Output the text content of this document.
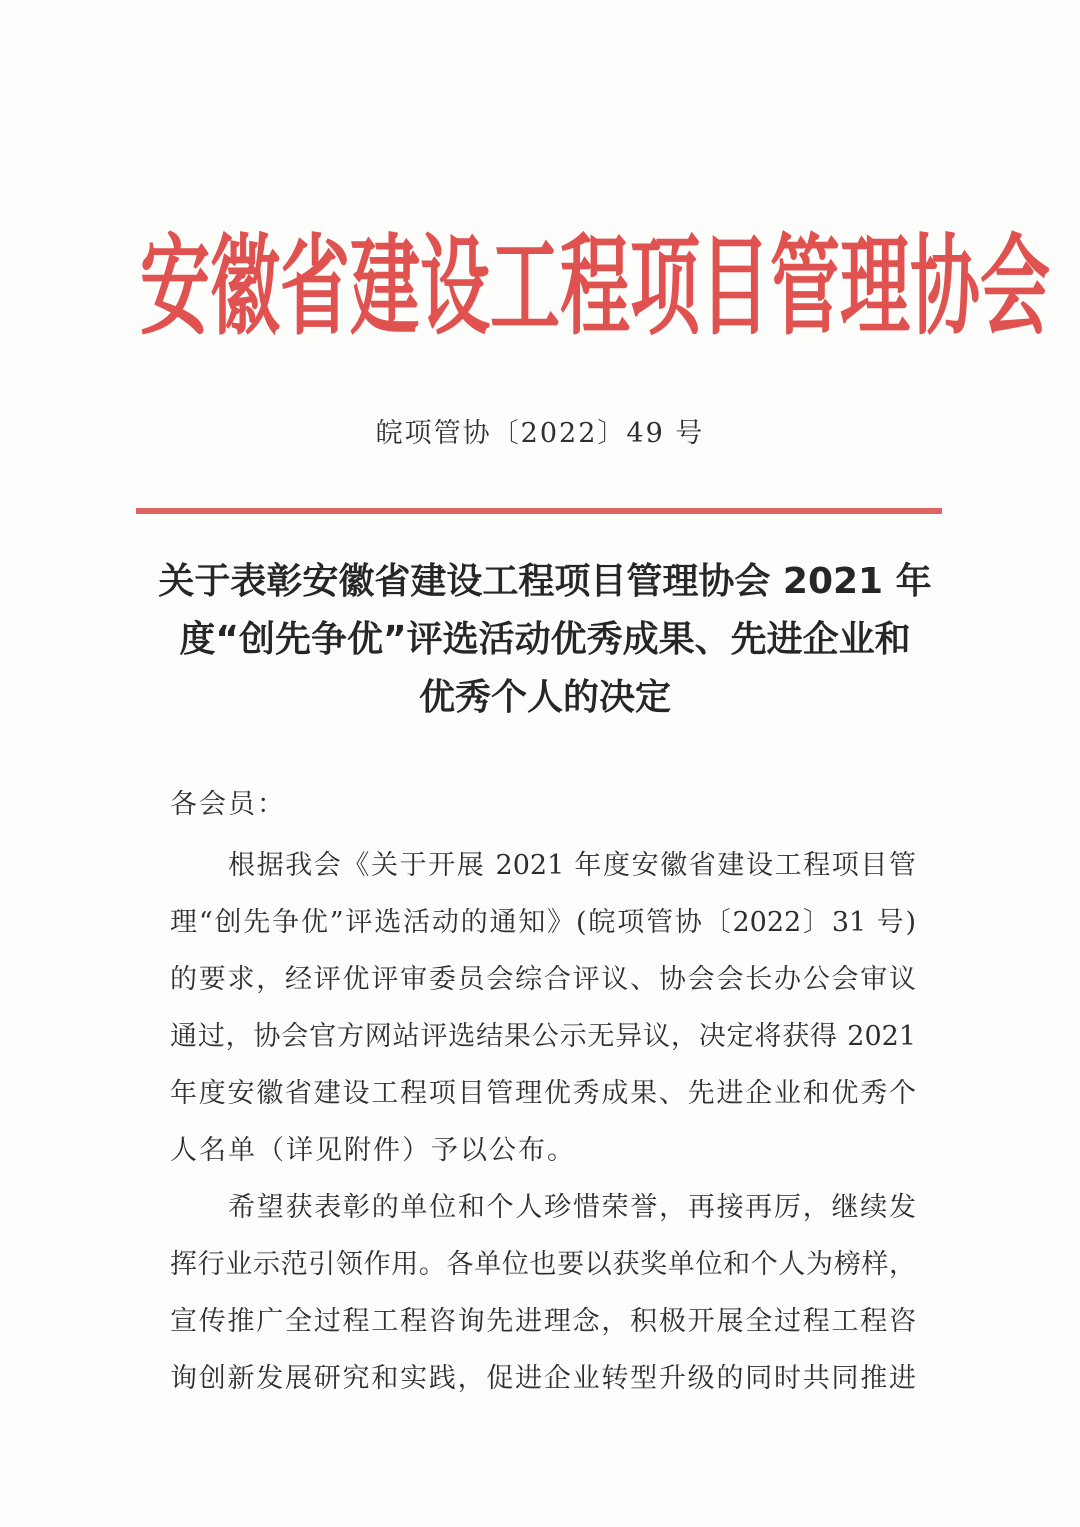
安徽省建设工程项目管理协会
皖项管协〔2022〕49 号
关于表彰安徽省建设工程项目管理协会 2021 年
度“创先争优”评选活动优秀成果、先进企业和
优秀个人的决定
各会员：
根据我会《关于开展 2021 年度安徽省建设工程项目管
理“创先争优”评选活动的通知》(皖项管协〔2022〕31 号)
的要求，经评优评审委员会综合评议、协会会长办公会审议
通过，协会官方网站评选结果公示无异议，决定将获得 2021
年度安徽省建设工程项目管理优秀成果、先进企业和优秀个
人名单（详见附件）予以公布。
希望获表彰的单位和个人珍惜荣誉，再接再厉，继续发
挥行业示范引领作用。各单位也要以获奖单位和个人为榜样，
宣传推广全过程工程咨询先进理念，积极开展全过程工程咨
询创新发展研究和实践，促进企业转型升级的同时共同推进
